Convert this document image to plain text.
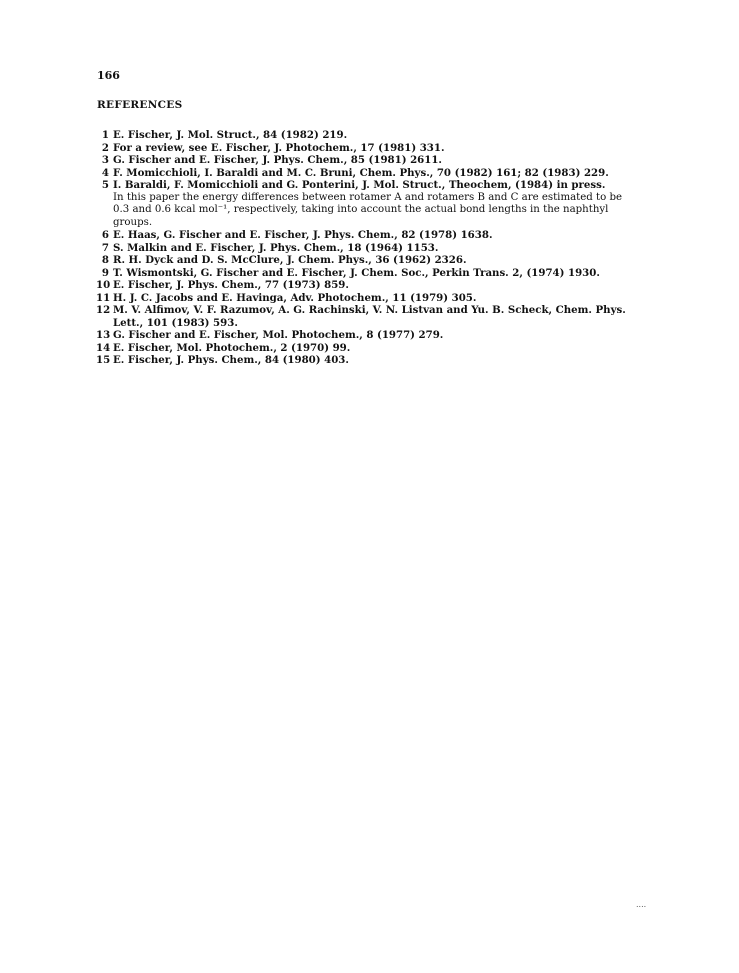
166
REFERENCES
1 E. Fischer, J. Mol. Struct., 84 (1982) 219.
2 For a review, see E. Fischer, J. Photochem., 17 (1981) 331.
3 G. Fischer and E. Fischer, J. Phys. Chem., 85 (1981) 2611.
4 F. Momicchioli, I. Baraldi and M. C. Bruni, Chem. Phys., 70 (1982) 161; 82 (1983) 229.
5 I. Baraldi, F. Momicchioli and G. Ponterini, J. Mol. Struct., Theochem, (1984) in press.
In this paper the energy differences between rotamer A and rotamers B and C are estimated to be 0.3 and 0.6 kcal mol⁻¹, respectively, taking into account the actual bond lengths in the naphthyl groups.
6 E. Haas, G. Fischer and E. Fischer, J. Phys. Chem., 82 (1978) 1638.
7 S. Malkin and E. Fischer, J. Phys. Chem., 18 (1964) 1153.
8 R. H. Dyck and D. S. McClure, J. Chem. Phys., 36 (1962) 2326.
9 T. Wismontski, G. Fischer and E. Fischer, J. Chem. Soc., Perkin Trans. 2, (1974) 1930.
10 E. Fischer, J. Phys. Chem., 77 (1973) 859.
11 H. J. C. Jacobs and E. Havinga, Adv. Photochem., 11 (1979) 305.
12 M. V. Alfimov, V. F. Razumov, A. G. Rachinski, V. N. Listvan and Yu. B. Scheck, Chem. Phys. Lett., 101 (1983) 593.
13 G. Fischer and E. Fischer, Mol. Photochem., 8 (1977) 279.
14 E. Fischer, Mol. Photochem., 2 (1970) 99.
15 E. Fischer, J. Phys. Chem., 84 (1980) 403.
....
